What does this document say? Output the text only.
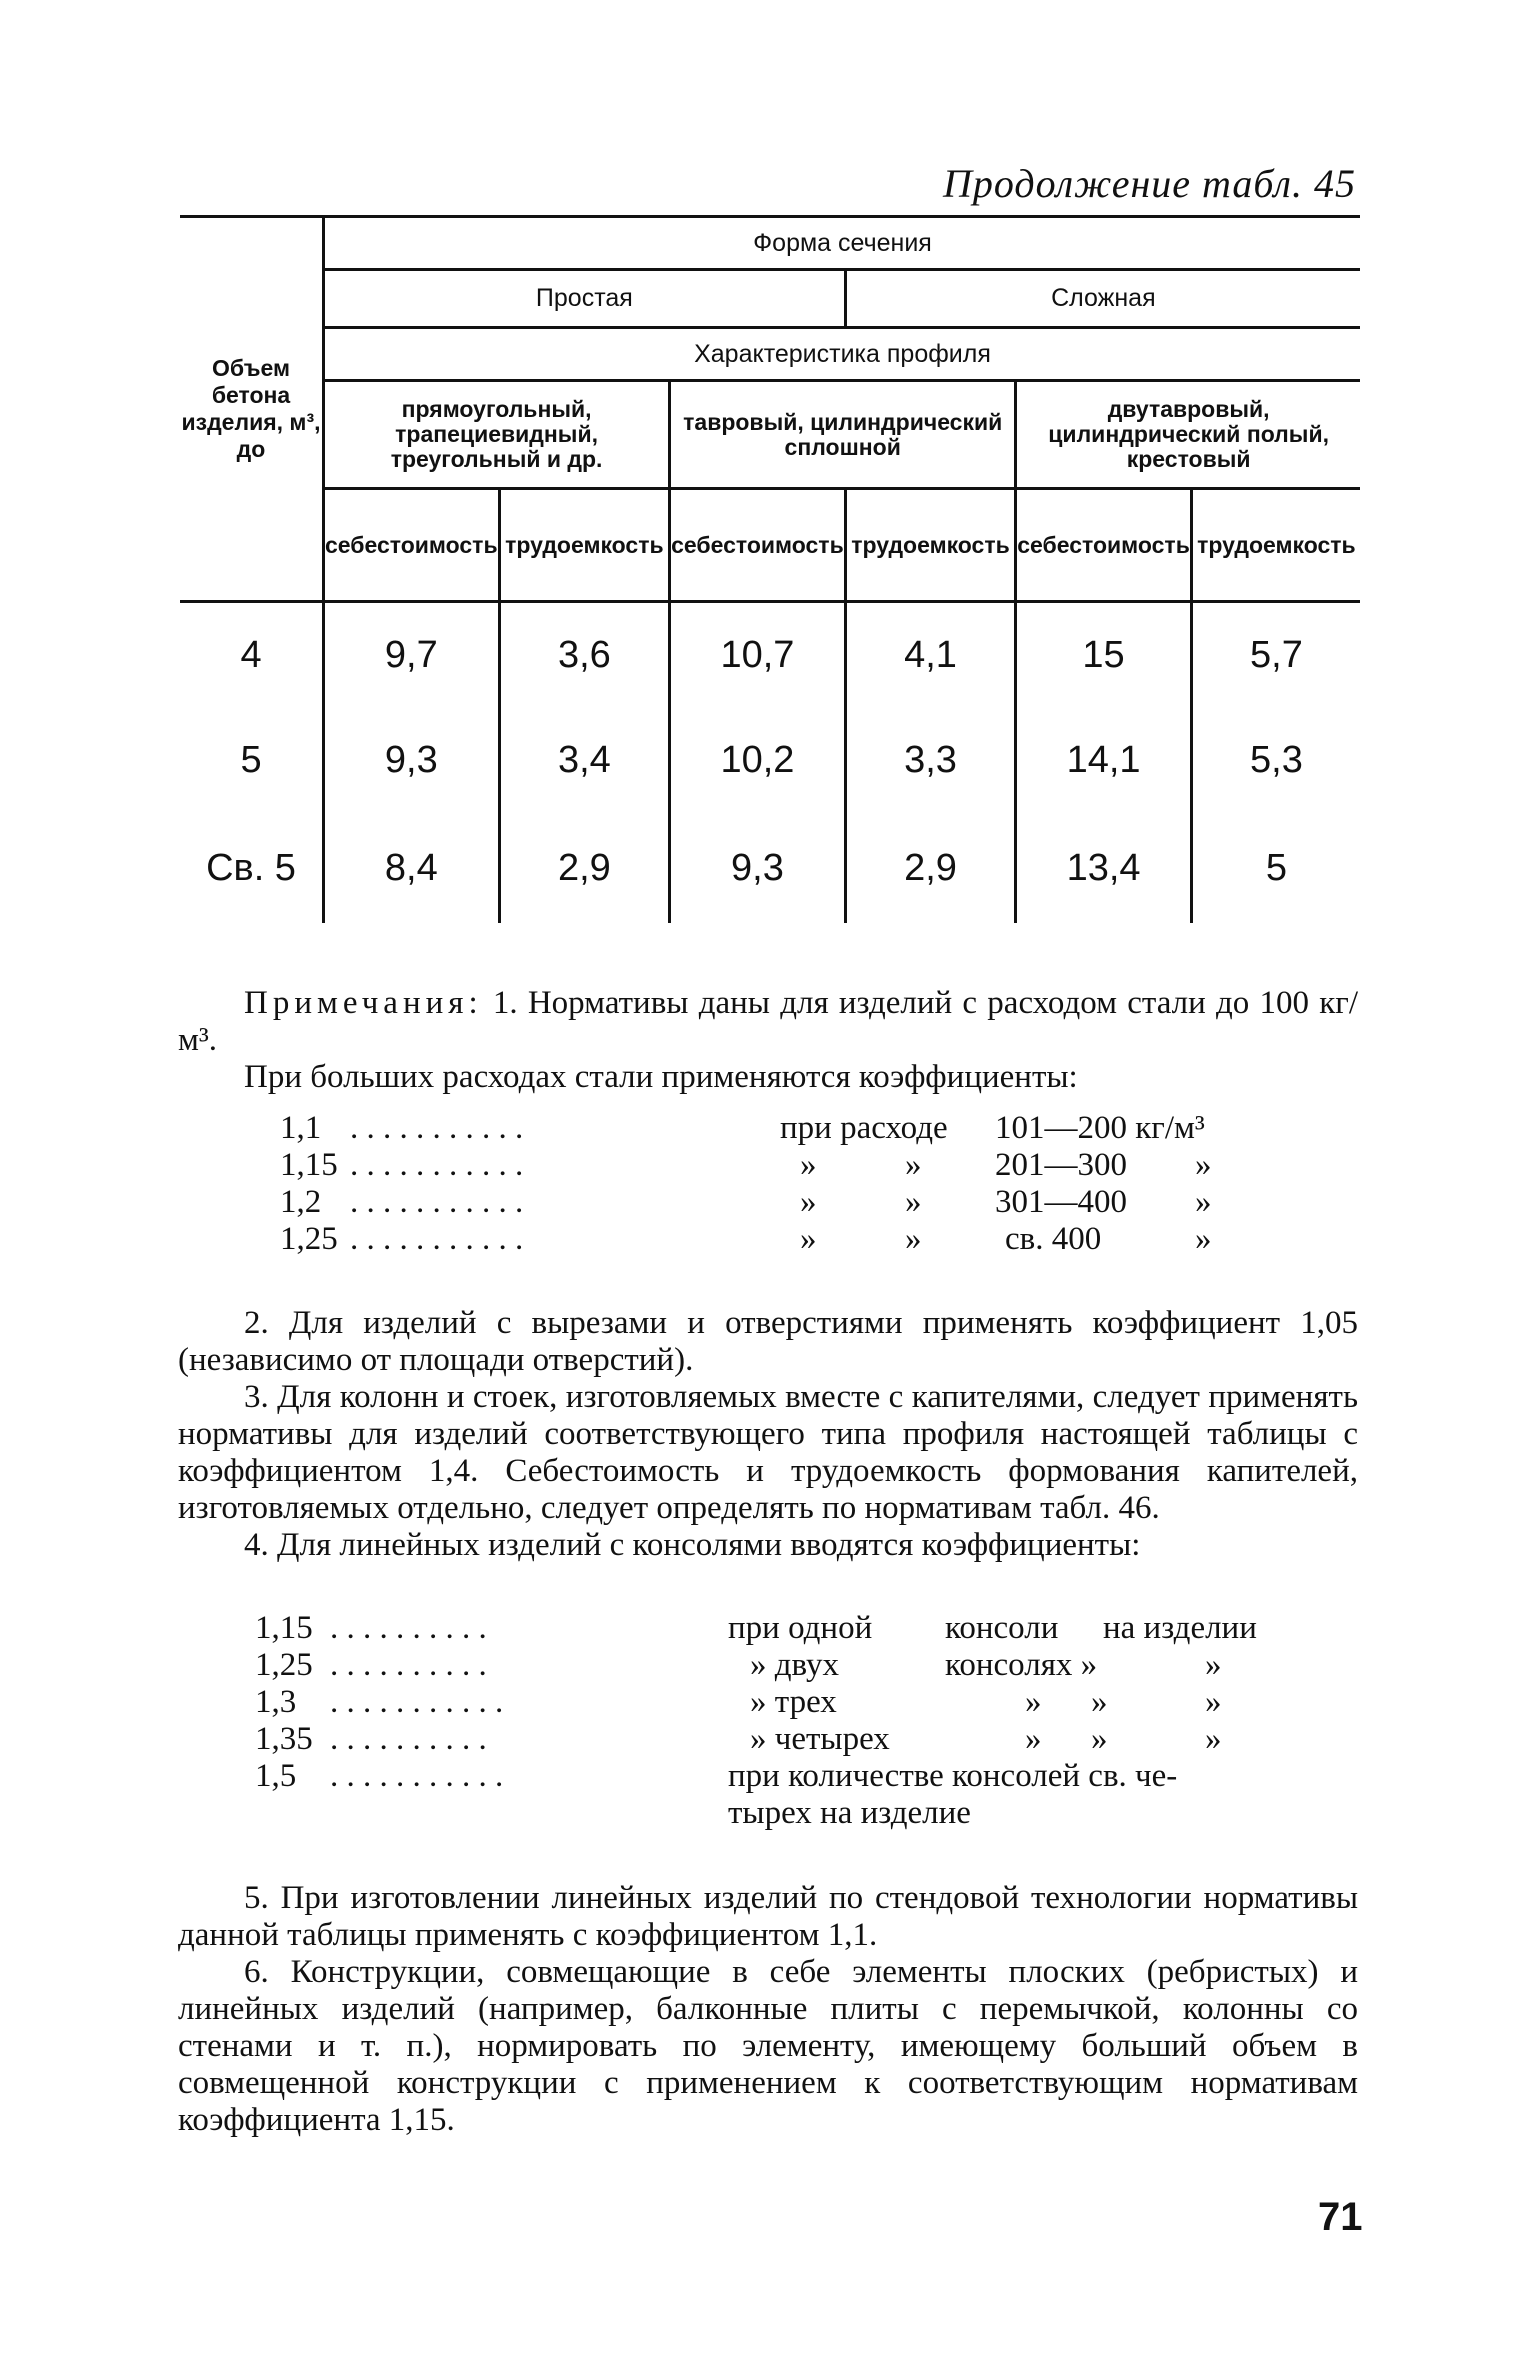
Продолжение табл. 45
Объем бетона изделия, м³, до	Форма сечения					
	Простая			Сложная		
	Характеристика профиля					
	прямоугольный, трапециевидный, треугольный и др.		тавровый, цилиндрический сплошной		двутавровый, цилиндрический полый, крестовый	
	себестоимость	трудоемкость	себестоимость	трудоемкость	себестоимость	трудоемкость
4	9,7	3,6	10,7	4,1	15	5,7
5	9,3	3,4	10,2	3,3	14,1	5,3
Св. 5	8,4	2,9	9,3	2,9	13,4	5

Примечания: 1. Нормативы даны для изделий с расходом стали до 100 кг/м³.

При больших расходах стали применяются коэффициенты:

1,1 . . . . . . . . . . .	при расходе 101—200 кг/м³
1,15 . . . . . . . . . . .	»	» 201—300 »
1,2 . . . . . . . . . . .	»	» 301—400 »
1,25 . . . . . . . . . . .	»	»	св. 400	»

2. Для изделий с вырезами и отверстиями применять коэффициент 1,05 (независимо от площади отверстий).

3. Для колонн и стоек, изготовляемых вместе с капителями, следует применять нормативы для изделий соответствующего типа профиля настоящей таблицы с коэффициентом 1,4. Себестоимость и трудоемкость формования капителей, изготовляемых отдельно, следует определять по нормативам табл. 46.

4. Для линейных изделий с консолями вводятся коэффициенты:

1,15 . . . . . . . . . .	при одной консоли на изделии
1,25 . . . . . . . . . .	» двух	консолях »	»
1,3 . . . . . . . . . . .	» трех	»      »	»
1,35 . . . . . . . . . .	» четырех	»      »	»
1,5 . . . . . . . . . . .	при количестве консолей св. че-
тырех на изделие

5. При изготовлении линейных изделий по стендовой технологии нормативы данной таблицы применять с коэффициентом 1,1.

6. Конструкции, совмещающие в себе элементы плоских (ребристых) и линейных изделий (например, балконные плиты с перемычкой, колонны со стенами и т. п.), нормировать по элементу, имеющему больший объем в совмещенной конструкции с применением к соответствующим нормативам коэффициента 1,15.

71
